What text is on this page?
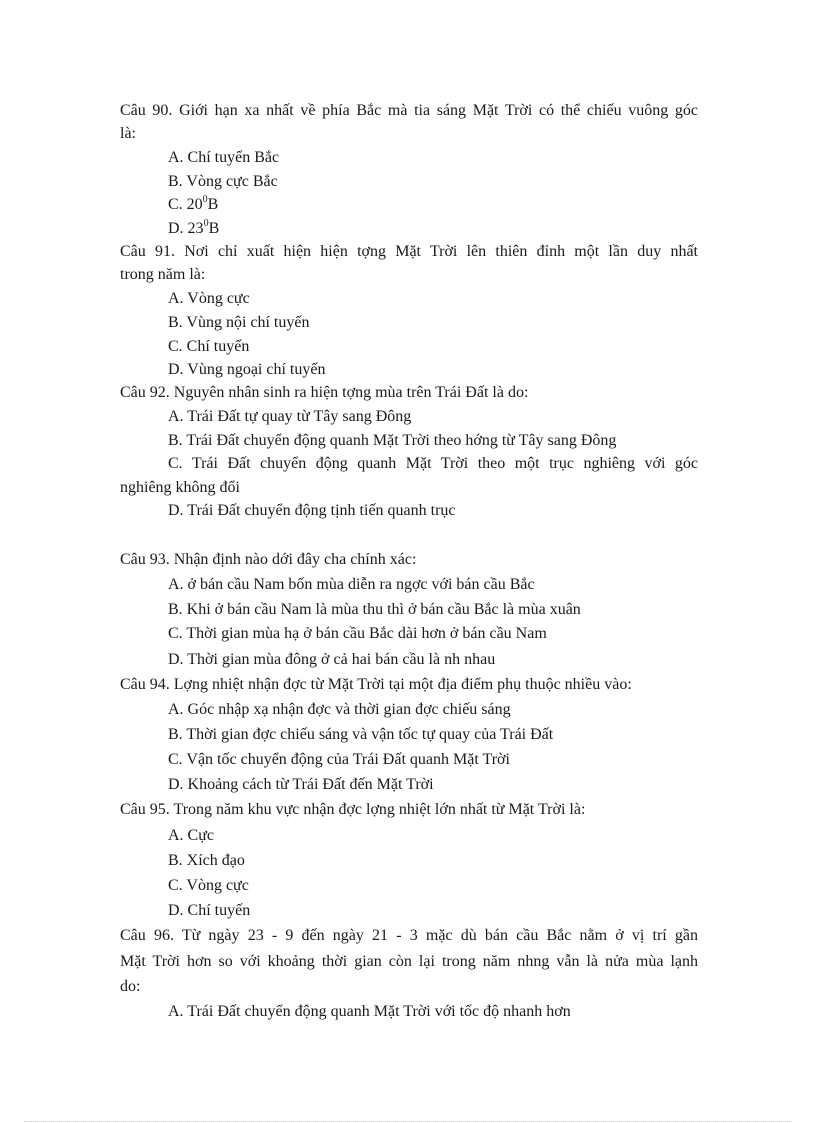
Câu 90. Giới hạn xa nhất về phía Bắc mà tia sáng Mặt Trời có thể chiếu vuông góc
là:
A. Chí tuyến Bắc
B. Vòng cực Bắc
C. $20^0B$
D. $23^0B$
Câu 91. Nơi chỉ xuất hiện hiện tợng Mặt Trời lên thiên đỉnh một lần duy nhất
trong năm là:
A. Vòng cực
B. Vùng nội chí tuyến
C. Chí tuyến
D. Vùng ngoại chí tuyến
Câu 92. Nguyên nhân sinh ra hiện tợng mùa trên Trái Đất là do:
A. Trái Đất tự quay từ Tây sang Đông
B. Trái Đất chuyển động quanh Mặt Trời theo hớng từ Tây sang Đông
C. Trái Đất chuyển động quanh Mặt Trời theo một trục nghiêng với góc
nghiêng không đổi
D. Trái Đất chuyển động tịnh tiến quanh trục
Câu 93. Nhận định nào dới đây cha chính xác:
A. ở bán cầu Nam bốn mùa diễn ra ngợc với bán cầu Bắc
B. Khi ở bán cầu Nam là mùa thu thì ở bán cầu Bắc là mùa xuân
C. Thời gian mùa hạ ở bán cầu Bắc dài hơn ở bán cầu Nam
D. Thời gian mùa đông ở cả hai bán cầu là nh nhau
Câu 94. Lợng nhiệt nhận đợc từ Mặt Trời tại một địa điểm phụ thuộc nhiều vào:
A. Góc nhập xạ nhận đợc và thời gian đợc chiếu sáng
B. Thời gian đợc chiếu sáng và vận tốc tự quay của Trái Đất
C. Vận tốc chuyển động của Trái Đất quanh Mặt Trời
D. Khoảng cách từ Trái Đất đến Mặt Trời
Câu 95. Trong năm khu vực nhận đợc lợng nhiệt lớn nhất từ Mặt Trời là:
A. Cực
B. Xích đạo
C. Vòng cực
D. Chí tuyến
Câu 96. Từ ngày 23 - 9 đến ngày 21 - 3 mặc dù bán cầu Bắc nằm ở vị trí gần
Mặt Trời hơn so với khoảng thời gian còn lại trong năm nhng vẫn là nửa mùa lạnh
do:
A. Trái Đất chuyển động quanh Mặt Trời với tốc độ nhanh hơn
